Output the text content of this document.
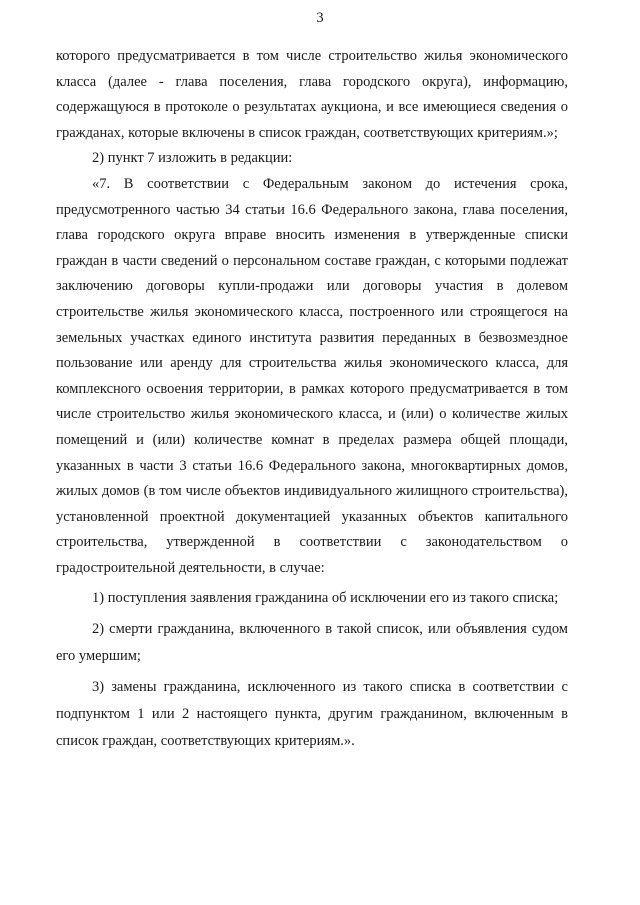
3

которого предусматривается в том числе строительство жилья экономического класса (далее - глава поселения, глава городского округа), информацию, содержащуюся в протоколе о результатах аукциона, и все имеющиеся сведения о гражданах, которые включены в список граждан, соответствующих критериям.»;

2) пункт 7 изложить в редакции:

«7. В соответствии с Федеральным законом до истечения срока, предусмотренного частью 34 статьи 16.6 Федерального закона, глава поселения, глава городского округа вправе вносить изменения в утвержденные списки граждан в части сведений о персональном составе граждан, с которыми подлежат заключению договоры купли-продажи или договоры участия в долевом строительстве жилья экономического класса, построенного или строящегося на земельных участках единого института развития переданных в безвозмездное пользование или аренду для строительства жилья экономического класса, для комплексного освоения территории, в рамках которого предусматривается в том числе строительство жилья экономического класса, и (или) о количестве жилых помещений и (или) количестве комнат в пределах размера общей площади, указанных в части 3 статьи 16.6 Федерального закона, многоквартирных домов, жилых домов (в том числе объектов индивидуального жилищного строительства), установленной проектной документацией указанных объектов капитального строительства, утвержденной в соответствии с законодательством о градостроительной деятельности, в случае:

1) поступления заявления гражданина об исключении его из такого списка;

2) смерти гражданина, включенного в такой список, или объявления судом его умершим;

3) замены гражданина, исключенного из такого списка в соответствии с подпунктом 1 или 2 настоящего пункта, другим гражданином, включенным в список граждан, соответствующих критериям.».
